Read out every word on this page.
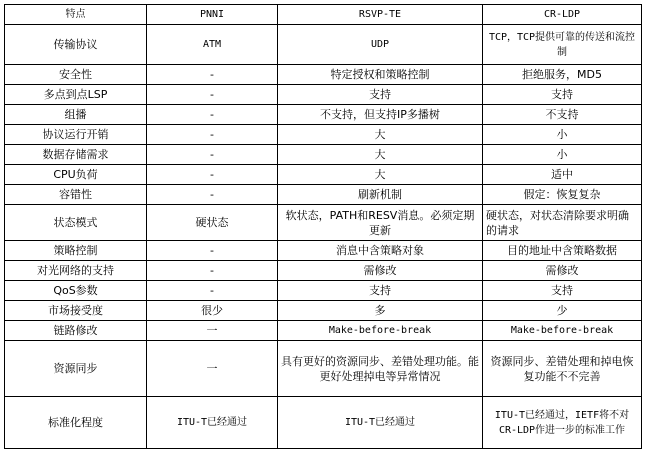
特点	PNNI	RSVP-TE	CR-LDP
传输协议	ATM	UDP	TCP，TCP提供可靠的传送和流控制
安全性	-	特定授权和策略控制	拒绝服务，MD5
多点到点LSP	-	支持	支持
组播	-	不支持，但支持IP多播树	不支持
协议运行开销	-	大	小
数据存储需求	-	大	小
CPU负荷	-	大	适中
容错性	-	刷新机制	假定：恢复复杂
状态模式	硬状态	软状态，PATH和RESV消息。必须定期更新	硬状态，对状态清除要求明确的请求
策略控制	-	消息中含策略对象	目的地址中含策略数据
对光网络的支持	-	需修改	需修改
QoS参数	-	支持	支持
市场接受度	很少	多	少
链路修改	一	Make-before-break	Make-before-break
资源同步	一	具有更好的资源同步、差错处理功能。能更好处理掉电等异常情况	资源同步、差错处理和掉电恢复功能不不完善
标准化程度	ITU-T已经通过	ITU-T已经通过	ITU-T已经通过，IETF将不对CR-LDP作进一步的标准工作
